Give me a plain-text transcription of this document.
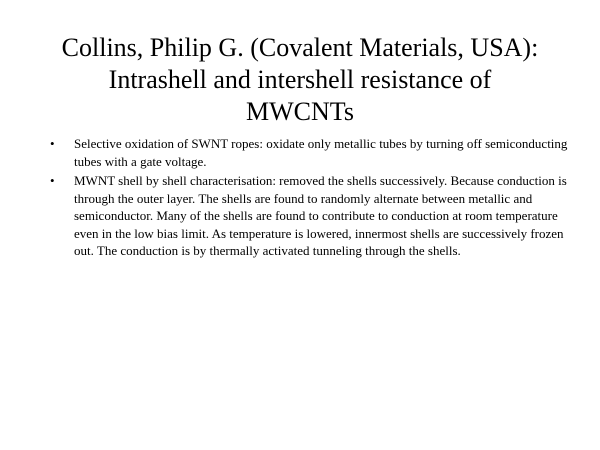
Collins, Philip G. (Covalent Materials, USA):
Intrashell and intershell resistance of
MWCNTs
• Selective oxidation of SWNT ropes: oxidate only metallic tubes by turning off semiconducting tubes with a gate voltage.
• MWNT shell by shell characterisation: removed the shells successively. Because conduction is through the outer layer. The shells are found to randomly alternate between metallic and semiconductor. Many of the shells are found to contribute to conduction at room temperature even in the low bias limit. As temperature is lowered, innermost shells are successively frozen out. The conduction is by thermally activated tunneling through the shells.
